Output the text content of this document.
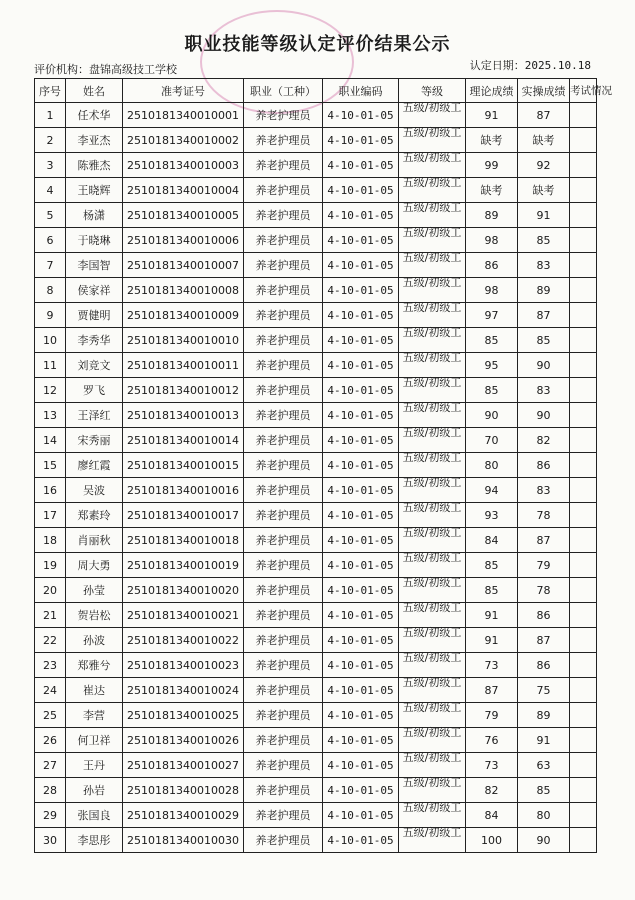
职业技能等级认定评价结果公示
评价机构：盘锦高级技工学校	认定日期：2025.10.18
序号	姓名	准考证号	职业（工种）	职业编码	等级	理论成绩	实操成绩	考试情况
1	任术华	2510181340010001	养老护理员	4-10-01-05	五级/初级工	91	87	
2	李亚杰	2510181340010002	养老护理员	4-10-01-05	五级/初级工	缺考	缺考	
3	陈雅杰	2510181340010003	养老护理员	4-10-01-05	五级/初级工	99	92	
4	王晓辉	2510181340010004	养老护理员	4-10-01-05	五级/初级工	缺考	缺考	
5	杨潇	2510181340010005	养老护理员	4-10-01-05	五级/初级工	89	91	
6	于晓琳	2510181340010006	养老护理员	4-10-01-05	五级/初级工	98	85	
7	李国智	2510181340010007	养老护理员	4-10-01-05	五级/初级工	86	83	
8	侯家祥	2510181340010008	养老护理员	4-10-01-05	五级/初级工	98	89	
9	贾健明	2510181340010009	养老护理员	4-10-01-05	五级/初级工	97	87	
10	李秀华	2510181340010010	养老护理员	4-10-01-05	五级/初级工	85	85	
11	刘竞文	2510181340010011	养老护理员	4-10-01-05	五级/初级工	95	90	
12	罗飞	2510181340010012	养老护理员	4-10-01-05	五级/初级工	85	83	
13	王泽红	2510181340010013	养老护理员	4-10-01-05	五级/初级工	90	90	
14	宋秀丽	2510181340010014	养老护理员	4-10-01-05	五级/初级工	70	82	
15	廖红霞	2510181340010015	养老护理员	4-10-01-05	五级/初级工	80	86	
16	吴波	2510181340010016	养老护理员	4-10-01-05	五级/初级工	94	83	
17	郑素玲	2510181340010017	养老护理员	4-10-01-05	五级/初级工	93	78	
18	肖丽秋	2510181340010018	养老护理员	4-10-01-05	五级/初级工	84	87	
19	周大勇	2510181340010019	养老护理员	4-10-01-05	五级/初级工	85	79	
20	孙莹	2510181340010020	养老护理员	4-10-01-05	五级/初级工	85	78	
21	贺岩松	2510181340010021	养老护理员	4-10-01-05	五级/初级工	91	86	
22	孙波	2510181340010022	养老护理员	4-10-01-05	五级/初级工	91	87	
23	郑雅兮	2510181340010023	养老护理员	4-10-01-05	五级/初级工	73	86	
24	崔达	2510181340010024	养老护理员	4-10-01-05	五级/初级工	87	75	
25	李营	2510181340010025	养老护理员	4-10-01-05	五级/初级工	79	89	
26	何卫祥	2510181340010026	养老护理员	4-10-01-05	五级/初级工	76	91	
27	王丹	2510181340010027	养老护理员	4-10-01-05	五级/初级工	73	63	
28	孙岩	2510181340010028	养老护理员	4-10-01-05	五级/初级工	82	85	
29	张国良	2510181340010029	养老护理员	4-10-01-05	五级/初级工	84	80	
30	李思彤	2510181340010030	养老护理员	4-10-01-05	五级/初级工	100	90	
